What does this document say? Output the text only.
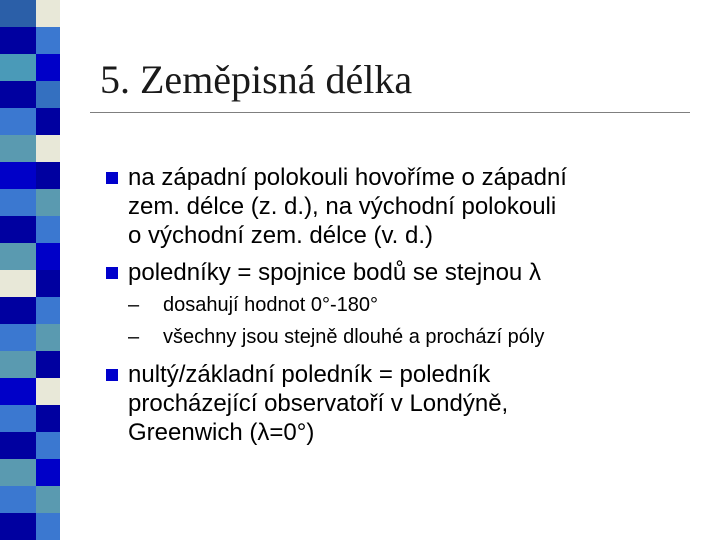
5. Zeměpisná délka
na západní polokouli hovoříme o západní
zem. délce (z. d.), na východní polokouli
o východní zem. délce (v. d.)
poledníky = spojnice bodů se stejnou λ
– dosahují hodnot 0°-180°
– všechny jsou stejně dlouhé a prochází póly
nultý/základní poledník = poledník
procházející observatoří v Londýně,
Greenwich (λ=0°)
